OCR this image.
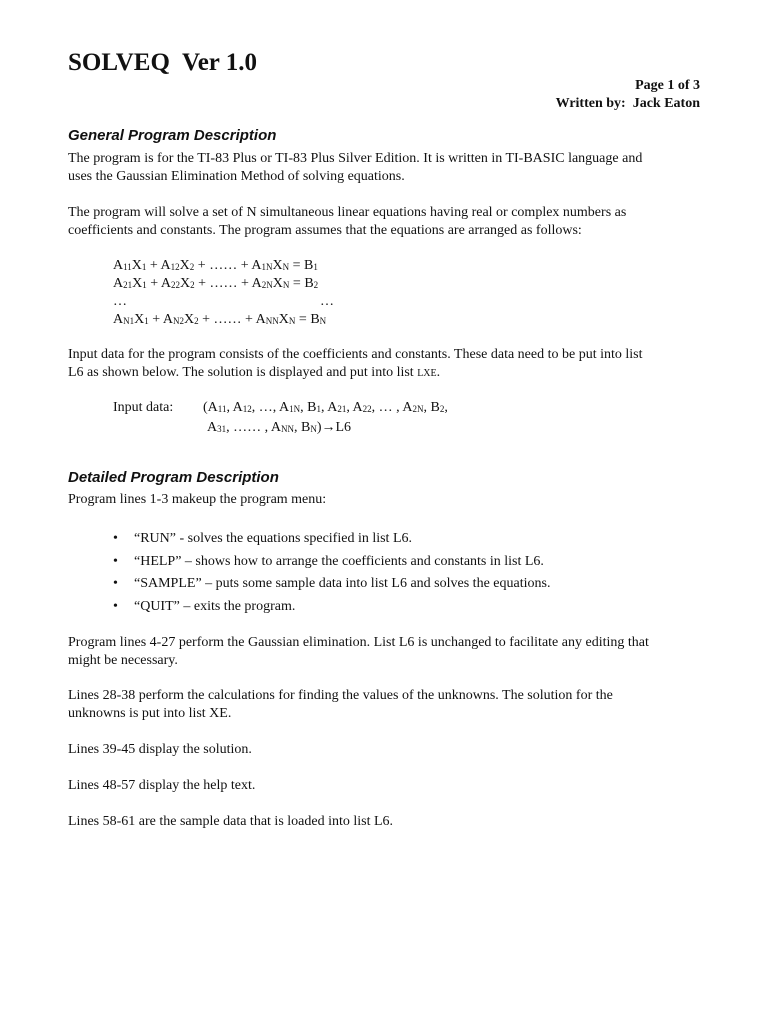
SOLVEQ  Ver 1.0
Page 1 of 3
Written by:  Jack Eaton
General Program Description
The program is for the TI-83 Plus or TI-83 Plus Silver Edition. It is written in TI-BASIC language and
uses the Gaussian Elimination Method of solving equations.
The program will solve a set of N simultaneous linear equations having real or complex numbers as
coefficients and constants. The program assumes that the equations are arranged as follows:
$A_{11}X_1 + A_{12}X_2$ + …… + $A_{1N}X_N = B_1$
$A_{21}X_1 + A_{22}X_2$ + …… + $A_{2N}X_N = B_2$
…	…
$A_{N1}X_1 + A_{N2}X_2$ + …… + $A_{NN}X_N = B_N$
Input data for the program consists of the coefficients and constants. These data need to be put into list
L6 as shown below. The solution is displayed and put into list LXE.
Input data: ($A_{11}$, $A_{12}$, …, $A_{1N}$, $B_1$, $A_{21}$, $A_{22}$, … , $A_{2N}$, $B_2$,
$A_{31}$, …… , $A_{NN}$, $B_N)\to L6$
Detailed Program Description
Program lines 1-3 makeup the program menu:
• “RUN” - solves the equations specified in list L6.
• “HELP” – shows how to arrange the coefficients and constants in list L6.
• “SAMPLE” – puts some sample data into list L6 and solves the equations.
• “QUIT” – exits the program.
Program lines 4-27 perform the Gaussian elimination. List L6 is unchanged to facilitate any editing that
might be necessary.
Lines 28-38 perform the calculations for finding the values of the unknowns. The solution for the
unknowns is put into list XE.
Lines 39-45 display the solution.
Lines 48-57 display the help text.
Lines 58-61 are the sample data that is loaded into list L6.
